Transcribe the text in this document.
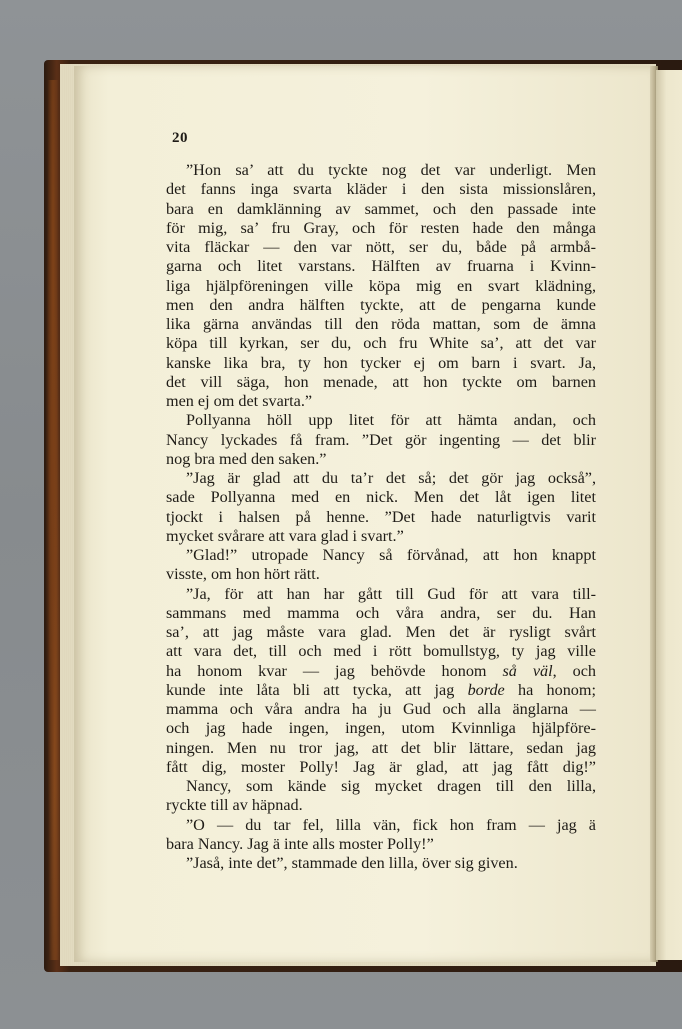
20
”Hon sa’ att du tyckte nog det var underligt. Men
det fanns inga svarta kläder i den sista missionslåren,
bara en damklänning av sammet, och den passade inte
för mig, sa’ fru Gray, och för resten hade den många
vita fläckar — den var nött, ser du, både på armbå-
garna och litet varstans. Hälften av fruarna i Kvinn-
liga hjälpföreningen ville köpa mig en svart klädning,
men den andra hälften tyckte, att de pengarna kunde
lika gärna användas till den röda mattan, som de ämna
köpa till kyrkan, ser du, och fru White sa’, att det var
kanske lika bra, ty hon tycker ej om barn i svart. Ja,
det vill säga, hon menade, att hon tyckte om barnen
men ej om det svarta.”
Pollyanna höll upp litet för att hämta andan, och
Nancy lyckades få fram. ”Det gör ingenting — det blir
nog bra med den saken.”
”Jag är glad att du ta’r det så; det gör jag också”,
sade Pollyanna med en nick. Men det låt igen litet
tjockt i halsen på henne. ”Det hade naturligtvis varit
mycket svårare att vara glad i svart.”
”Glad!” utropade Nancy så förvånad, att hon knappt
visste, om hon hört rätt.
”Ja, för att han har gått till Gud för att vara till-
sammans med mamma och våra andra, ser du. Han
sa’, att jag måste vara glad. Men det är rysligt svårt
att vara det, till och med i rött bomullstyg, ty jag ville
ha honom kvar — jag behövde honom så väl, och
kunde inte låta bli att tycka, att jag borde ha honom;
mamma och våra andra ha ju Gud och alla änglarna —
och jag hade ingen, ingen, utom Kvinnliga hjälpföre-
ningen. Men nu tror jag, att det blir lättare, sedan jag
fått dig, moster Polly! Jag är glad, att jag fått dig!”
Nancy, som kände sig mycket dragen till den lilla,
ryckte till av häpnad.
”O — du tar fel, lilla vän, fick hon fram — jag ä
bara Nancy. Jag ä inte alls moster Polly!”
”Jaså, inte det”, stammade den lilla, över sig given.
